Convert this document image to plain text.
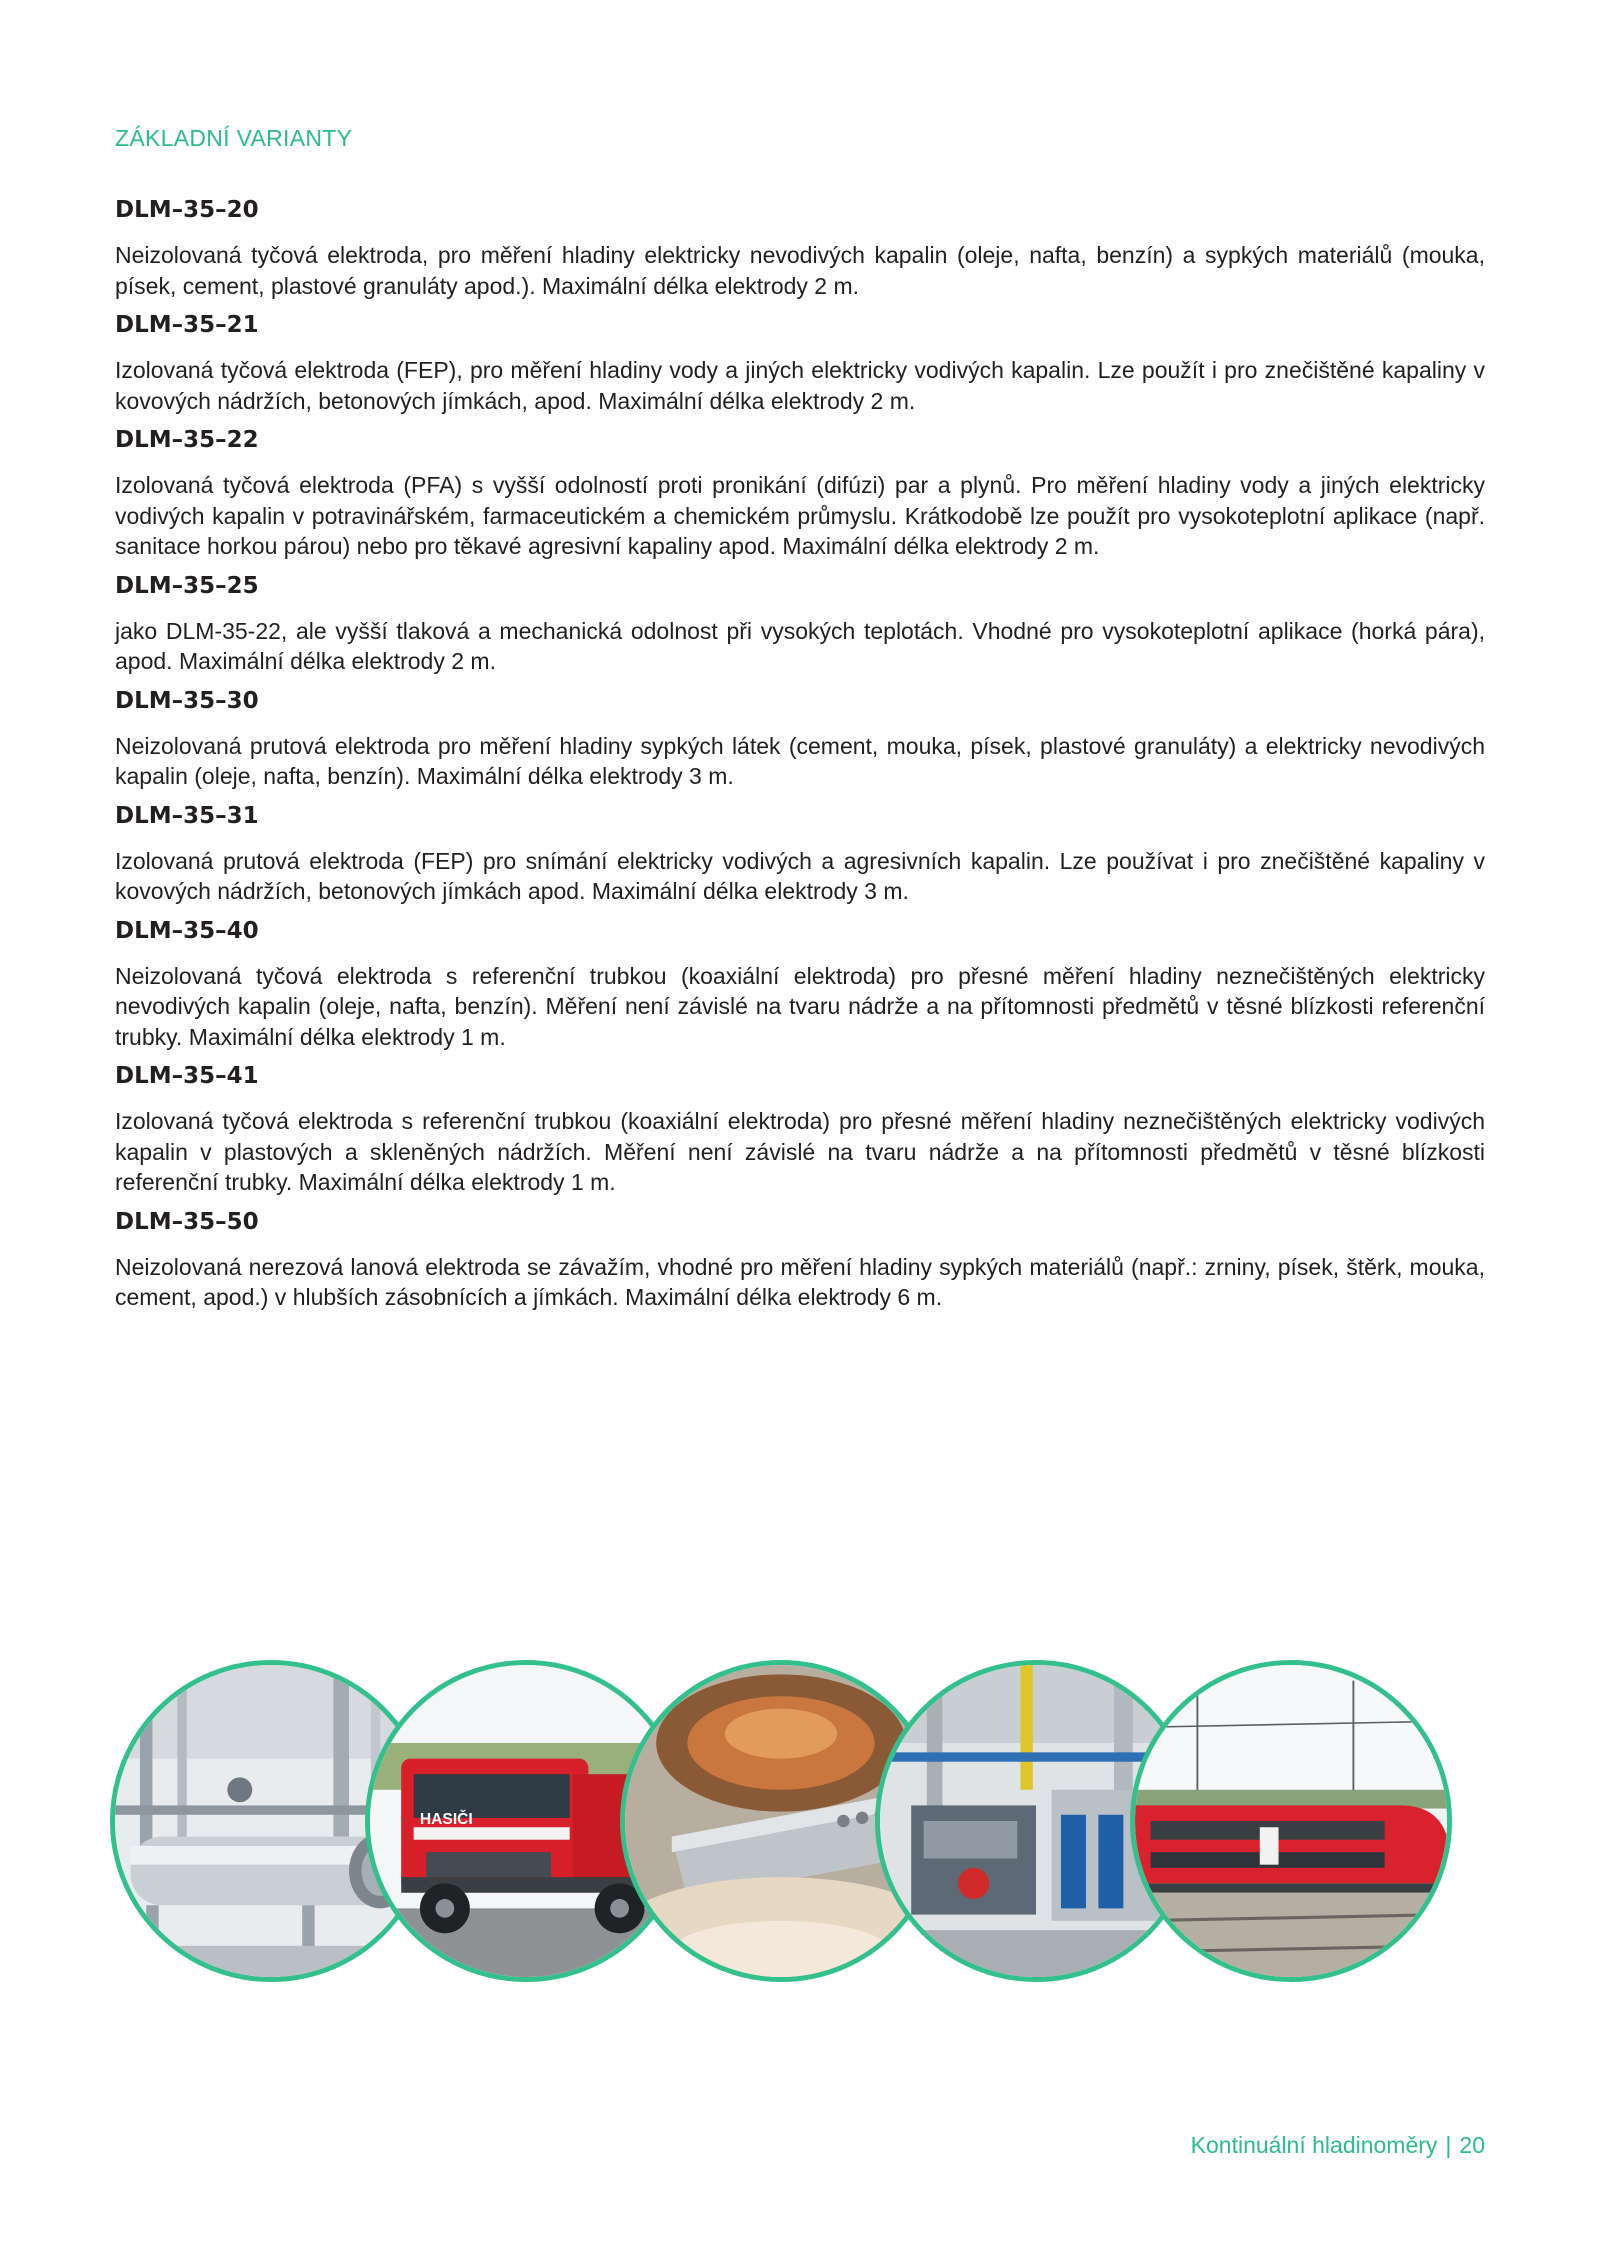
ZÁKLADNÍ VARIANTY
DLM–35–20
Neizolovaná tyčová elektroda, pro měření hladiny elektricky nevodivých kapalin (oleje, nafta, benzín) a sypkých materiálů (mouka, písek, cement, plastové granuláty apod.). Maximální délka elektrody 2 m.
DLM–35–21
Izolovaná tyčová elektroda (FEP), pro měření hladiny vody a jiných elektricky vodivých kapalin. Lze použít i pro znečištěné kapaliny v kovových nádržích, betonových jímkách, apod. Maximální délka elektrody 2 m.
DLM–35–22
Izolovaná tyčová elektroda (PFA) s vyšší odolností proti pronikání (difúzi) par a plynů. Pro měření hladiny vody a jiných elektricky vodivých kapalin v potravinářském, farmaceutickém a chemickém průmyslu. Krátkodobě lze použít pro vysokoteplotní aplikace (např. sanitace horkou párou) nebo pro těkavé agresivní kapaliny apod. Maximální délka elektrody 2 m.
DLM–35–25
jako DLM-35-22, ale vyšší tlaková a mechanická odolnost při vysokých teplotách. Vhodné pro vysokoteplotní aplikace (horká pára), apod. Maximální délka elektrody 2 m.
DLM–35–30
Neizolovaná prutová elektroda pro měření hladiny sypkých látek (cement, mouka, písek, plastové granuláty) a elektricky nevodivých kapalin (oleje, nafta, benzín). Maximální délka elektrody 3 m.
DLM–35–31
Izolovaná prutová elektroda (FEP) pro snímání elektricky vodivých a agresivních kapalin. Lze používat i pro znečištěné kapaliny v kovových nádržích, betonových jímkách apod. Maximální délka elektrody 3 m.
DLM–35–40
Neizolovaná tyčová elektroda s referenční trubkou (koaxiální elektroda) pro přesné měření hladiny neznečištěných elektricky nevodivých kapalin (oleje, nafta, benzín). Měření není závislé na tvaru nádrže a na přítomnosti předmětů v těsné blízkosti referenční trubky. Maximální délka elektrody 1 m.
DLM–35–41
Izolovaná tyčová elektroda s referenční trubkou (koaxiální elektroda) pro přesné měření hladiny neznečištěných elektricky vodivých kapalin v plastových a skleněných nádržích. Měření není závislé na tvaru nádrže a na přítomnosti předmětů v těsné blízkosti referenční trubky. Maximální délka elektrody 1 m.
DLM–35–50
Neizolovaná nerezová lanová elektroda se závažím, vhodné pro měření hladiny sypkých materiálů (např.: zrniny, písek, štěrk, mouka, cement, apod.) v hlubších zásobnících a jímkách. Maximální délka elektrody 6 m.
HASIČI
Kontinuální hladinoměry | 20
